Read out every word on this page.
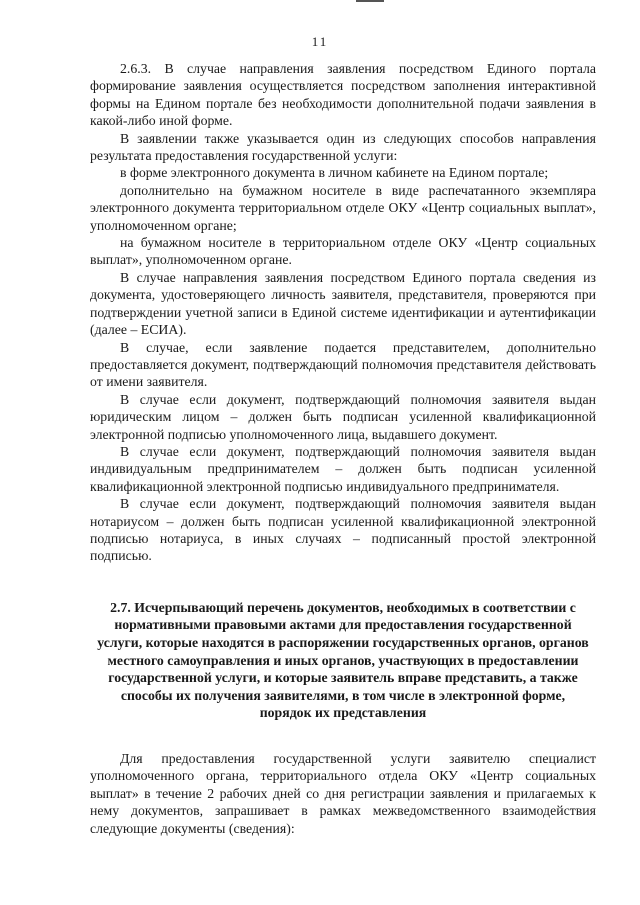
11

2.6.3. В случае направления заявления посредством Единого портала формирование заявления осуществляется посредством заполнения интерактивной формы на Едином портале без необходимости дополнительной подачи заявления в какой-либо иной форме.

В заявлении также указывается один из следующих способов направления результата предоставления государственной услуги:

в форме электронного документа в личном кабинете на Едином портале;

дополнительно на бумажном носителе в виде распечатанного экземпляра электронного документа территориальном отделе ОКУ «Центр социальных выплат», уполномоченном органе;

на бумажном носителе в территориальном отделе ОКУ «Центр социальных выплат», уполномоченном органе.

В случае направления заявления посредством Единого портала сведения из документа, удостоверяющего личность заявителя, представителя, проверяются при подтверждении учетной записи в Единой системе идентификации и аутентификации (далее – ЕСИА).

В случае, если заявление подается представителем, дополнительно предоставляется документ, подтверждающий полномочия представителя действовать от имени заявителя.

В случае если документ, подтверждающий полномочия заявителя выдан юридическим лицом – должен быть подписан усиленной квалификационной электронной подписью уполномоченного лица, выдавшего документ.

В случае если документ, подтверждающий полномочия заявителя выдан индивидуальным предпринимателем – должен быть подписан усиленной квалификационной электронной подписью индивидуального предпринимателя.

В случае если документ, подтверждающий полномочия заявителя выдан нотариусом – должен быть подписан усиленной квалификационной электронной подписью нотариуса, в иных случаях – подписанный простой электронной подписью.

2.7. Исчерпывающий перечень документов, необходимых в соответствии с нормативными правовыми актами для предоставления государственной услуги, которые находятся в распоряжении государственных органов, органов местного самоуправления и иных органов, участвующих в предоставлении государственной услуги, и которые заявитель вправе представить, а также способы их получения заявителями, в том числе в электронной форме, порядок их представления

Для предоставления государственной услуги заявителю специалист уполномоченного органа, территориального отдела ОКУ «Центр социальных выплат» в течение 2 рабочих дней со дня регистрации заявления и прилагаемых к нему документов, запрашивает в рамках межведомственного взаимодействия следующие документы (сведения):
